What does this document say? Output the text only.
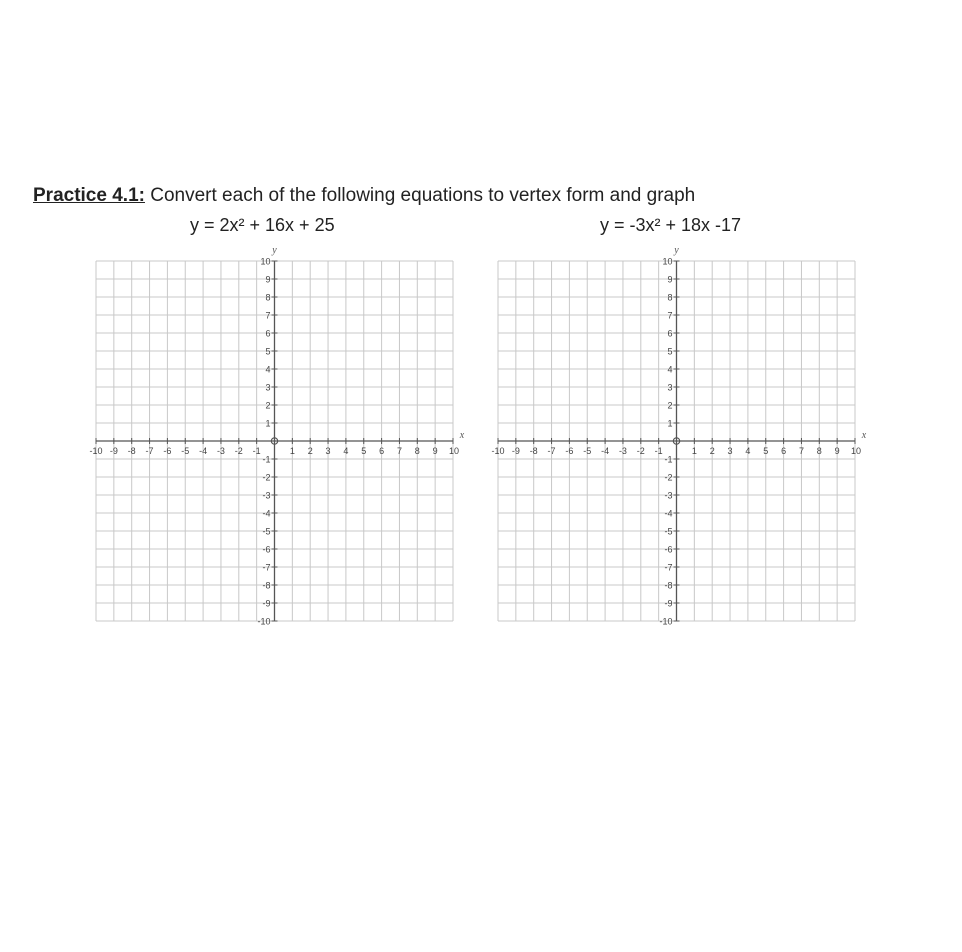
Practice 4.1: Convert each of the following equations to vertex form and graph
y = 2x² + 16x + 25	y = -3x² + 18x -17
-10 -9 -8 -7 -6 -5 -4 -3 -2 -1	1 2 3 4 5 6 7 8 9 10
10
9
8
7
6
5
4
3
2
1
-1
-2
-3
-4
-5
-6
-7
-8
-9
-10
x
y
-10 -9 -8 -7 -6 -5 -4 -3 -2 -1	1 2 3 4 5 6 7 8 9 10
10
9
8
7
6
5
4
3
2
1
-1
-2
-3
-4
-5
-6
-7
-8
-9
-10
x
y
